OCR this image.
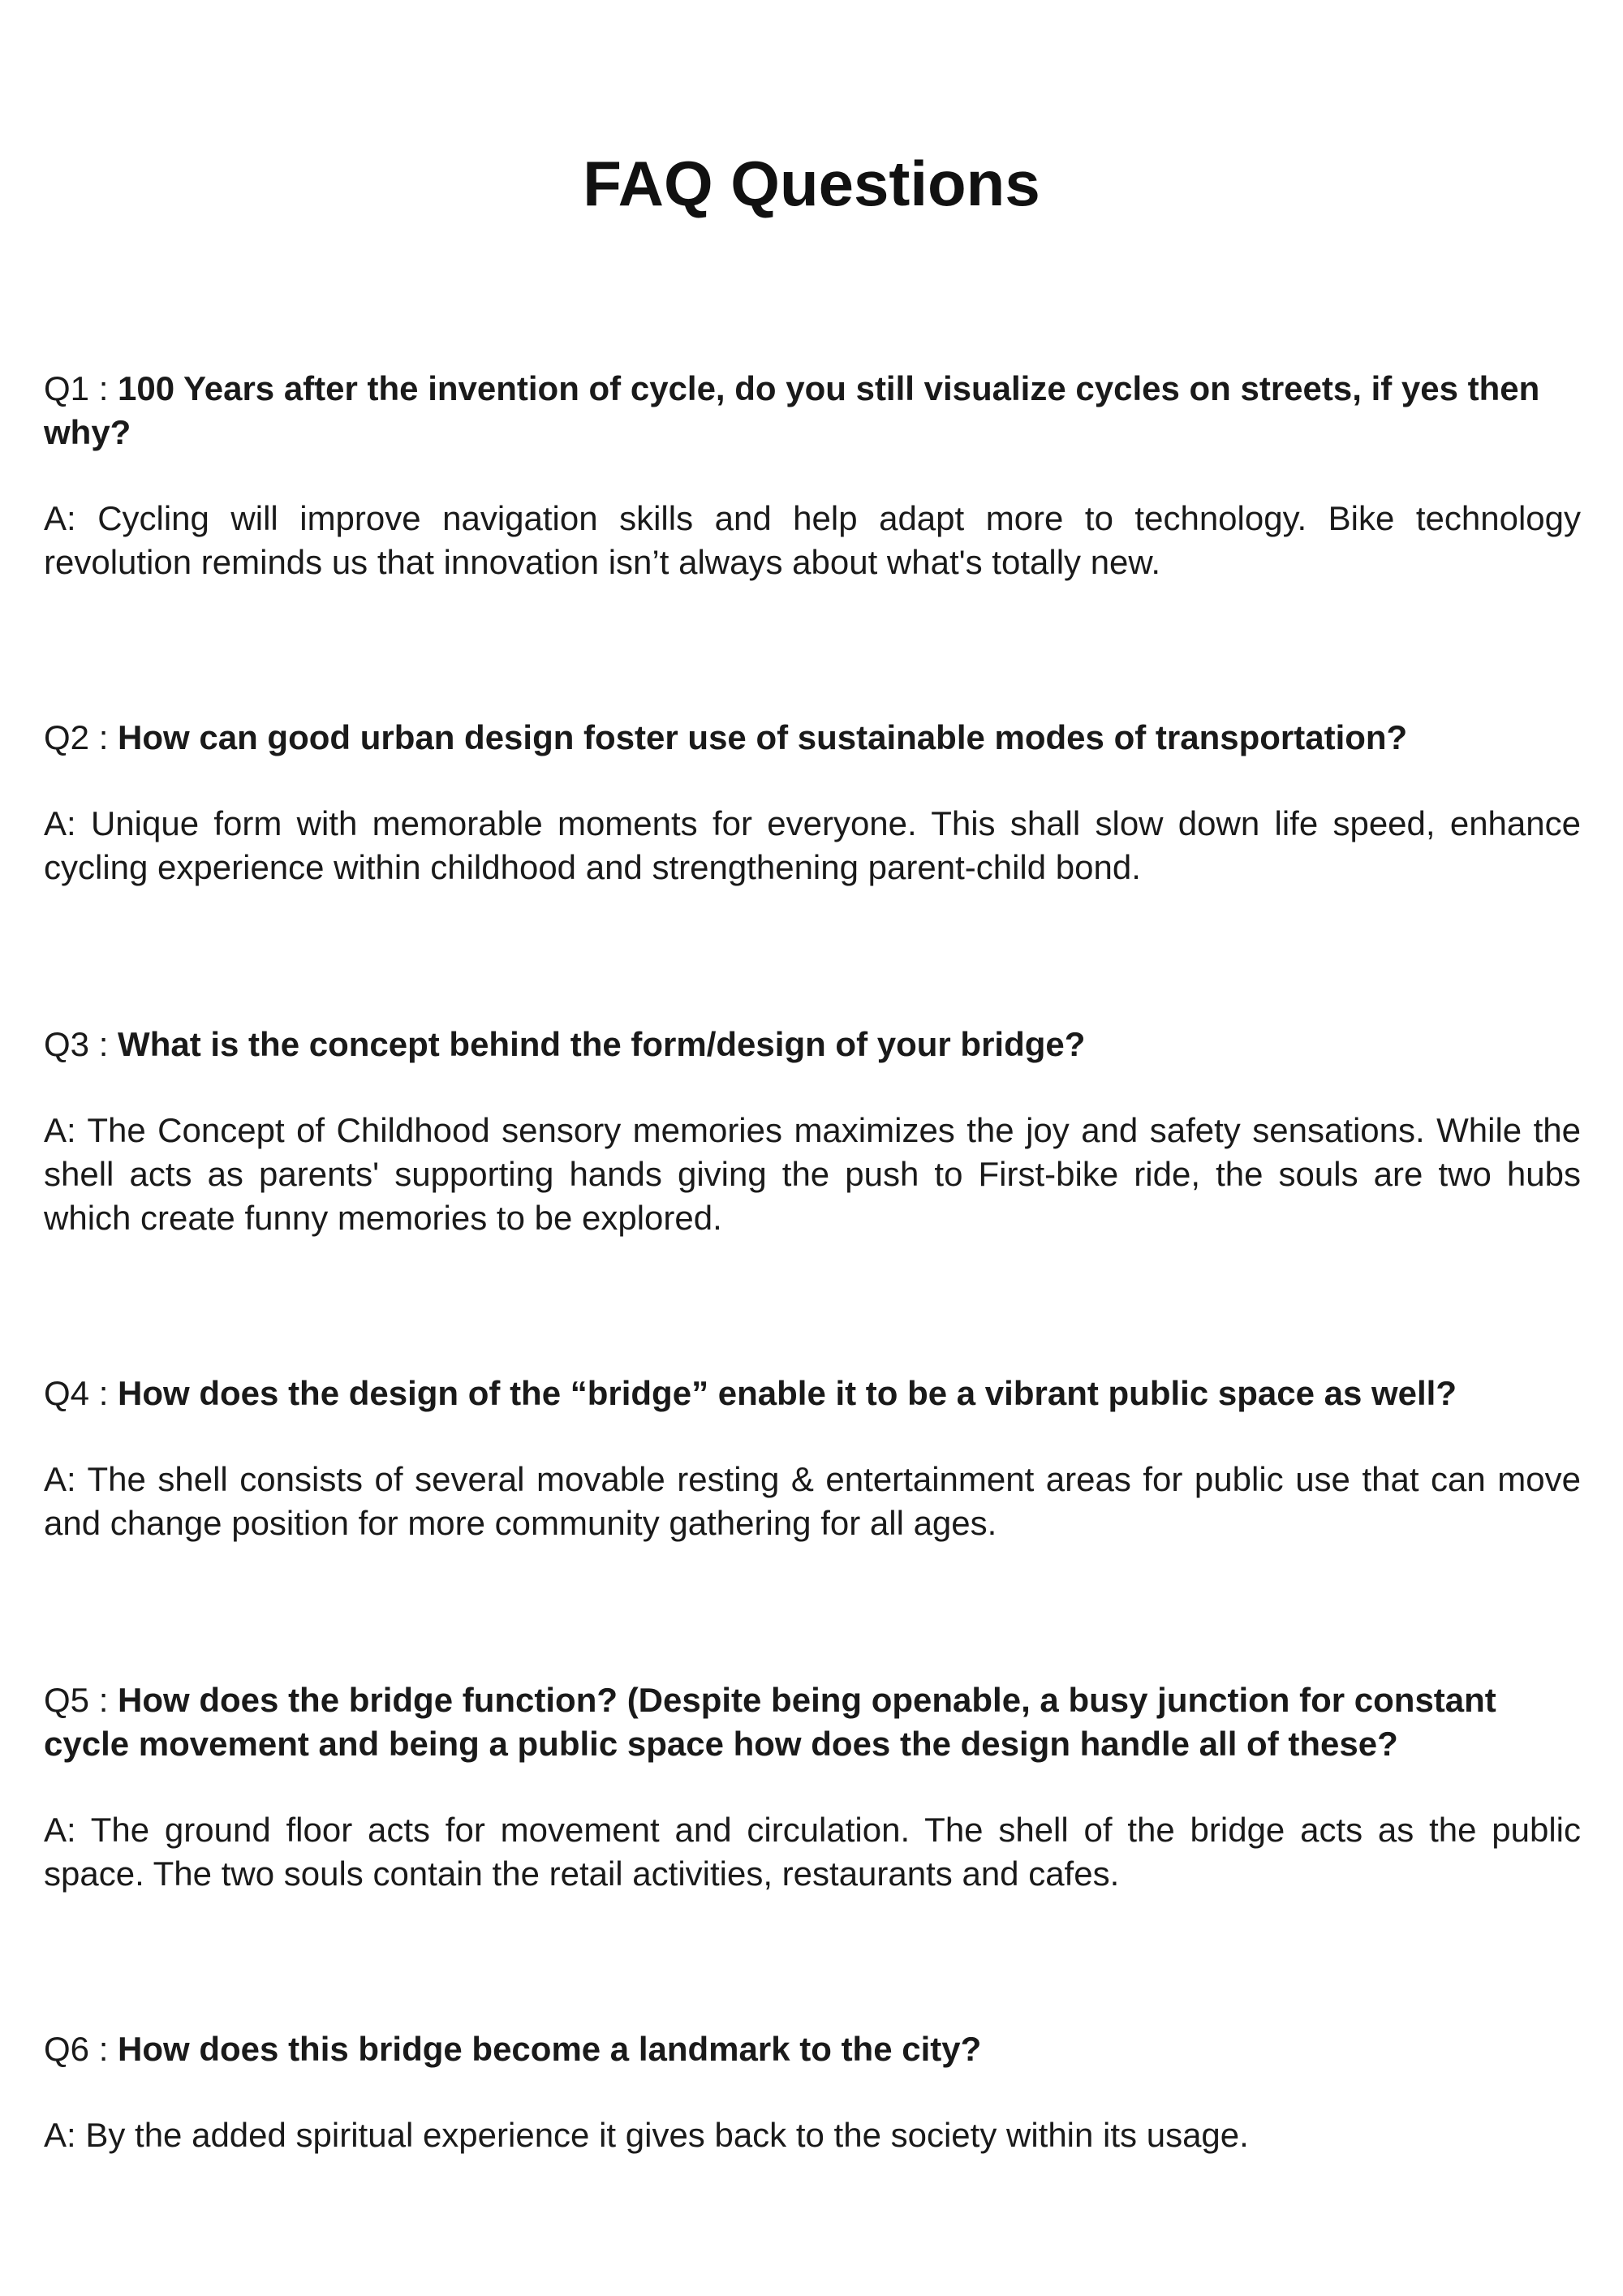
FAQ Questions

Q1 : 100 Years after the invention of cycle, do you still visualize cycles on streets, if yes then why?

A: Cycling will improve navigation skills and help adapt more to technology. Bike technology revolution reminds us that innovation isn’t always about what's totally new.

Q2 : How can good urban design foster use of sustainable modes of transportation?

A: Unique form with memorable moments for everyone. This shall slow down life speed, enhance cycling experience within childhood and strengthening parent-child bond.

Q3 : What is the concept behind the form/design of your bridge?

A: The Concept of Childhood sensory memories maximizes the joy and safety sensations. While the shell acts as parents' supporting hands giving the push to First-bike ride, the souls are two hubs which create funny memories to be explored.

Q4 : How does the design of the “bridge” enable it to be a vibrant public space as well?

A: The shell consists of several movable resting & entertainment areas for public use that can move and change position for more community gathering for all ages.

Q5 : How does the bridge function? (Despite being openable, a busy junction for constant cycle movement and being a public space how does the design handle all of these?

A: The ground floor acts for movement and circulation. The shell of the bridge acts as the public space. The two souls contain the retail activities, restaurants and cafes.

Q6 : How does this bridge become a landmark to the city?

A: By the added spiritual experience it gives back to the society within its usage.
